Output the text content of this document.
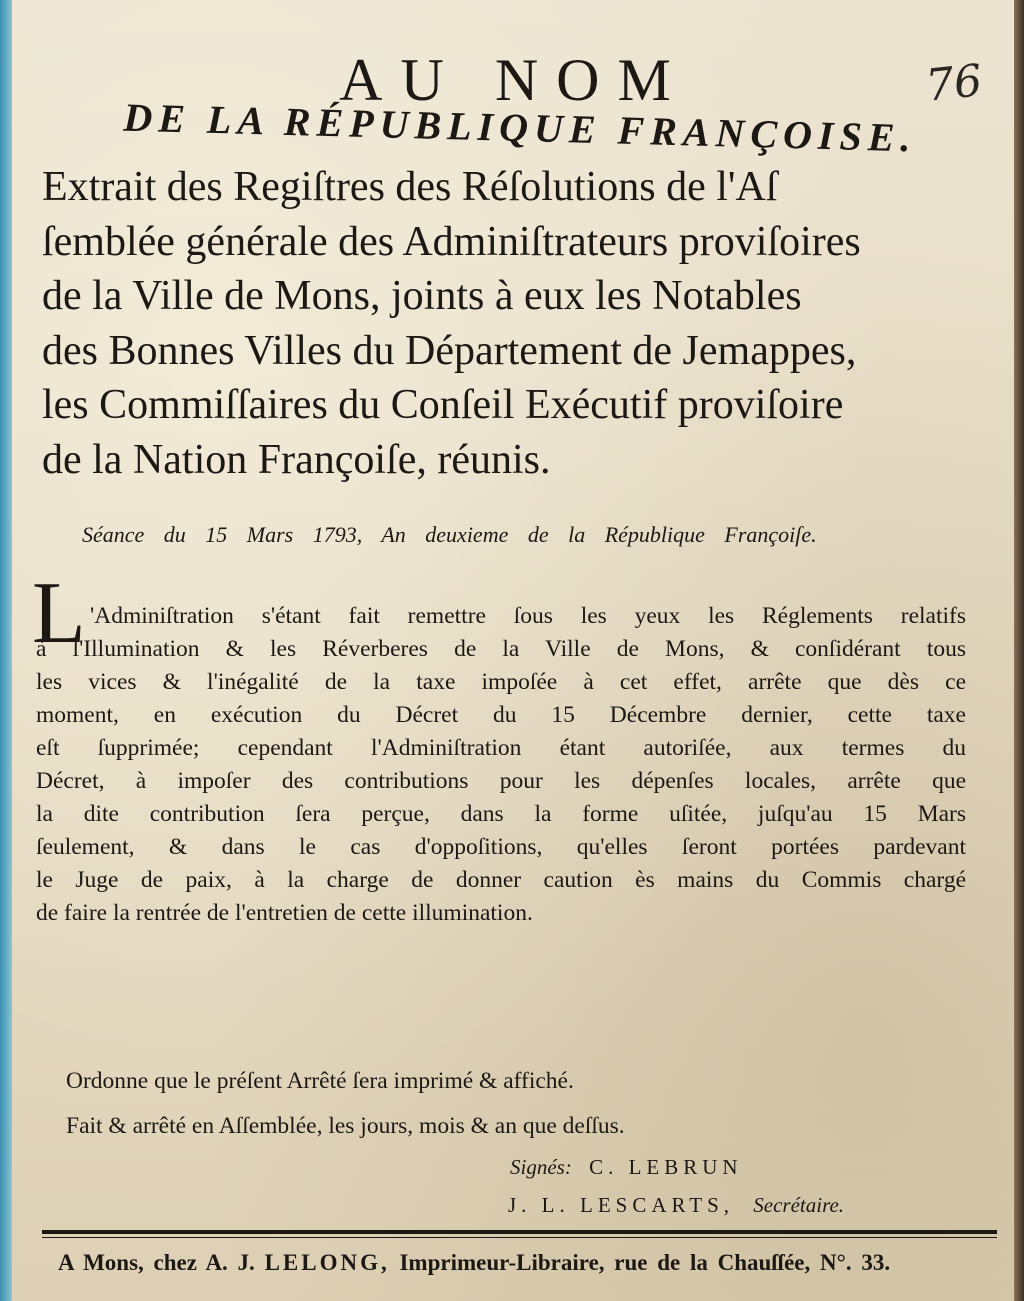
76
AU NOM
DE LA RÉPUBLIQUE FRANÇOISE.
Extrait des Regiſtres des Réſolutions de l'Aſ
ſemblée générale des Adminiſtrateurs proviſoires
de la Ville de Mons, joints à eux les Notables
des Bonnes Villes du Département de Jemappes,
les Commiſſaires du Conſeil Exécutif proviſoire
de la Nation Françoiſe, réunis.
Séance du 15 Mars 1793, An deuxieme de la République Françoiſe.
L 'Adminiſtration s'étant fait remettre ſous les yeux les Réglements relatifs
à l'Illumination & les Réverberes de la Ville de Mons, & conſidérant tous
les vices & l'inégalité de la taxe impoſée à cet effet, arrête que dès ce
moment, en exécution du Décret du 15 Décembre dernier, cette taxe
eſt ſupprimée; cependant l'Adminiſtration étant autoriſée, aux termes du
Décret, à impoſer des contributions pour les dépenſes locales, arrête que
la dite contribution ſera perçue, dans la forme uſitée, juſqu'au 15 Mars
ſeulement, & dans le cas d'oppoſitions, qu'elles ſeront portées pardevant
le Juge de paix, à la charge de donner caution ès mains du Commis chargé
de faire la rentrée de l'entretien de cette illumination.
Ordonne que le préſent Arrêté ſera imprimé & affiché.
Fait & arrêté en Aſſemblée, les jours, mois & an que deſſus.
Signés: C. LEBRUN
J. L. LESCARTS, Secrétaire.
A Mons, chez A. J. LELONG, Imprimeur-Libraire, rue de la Chauſſée, N°. 33.
